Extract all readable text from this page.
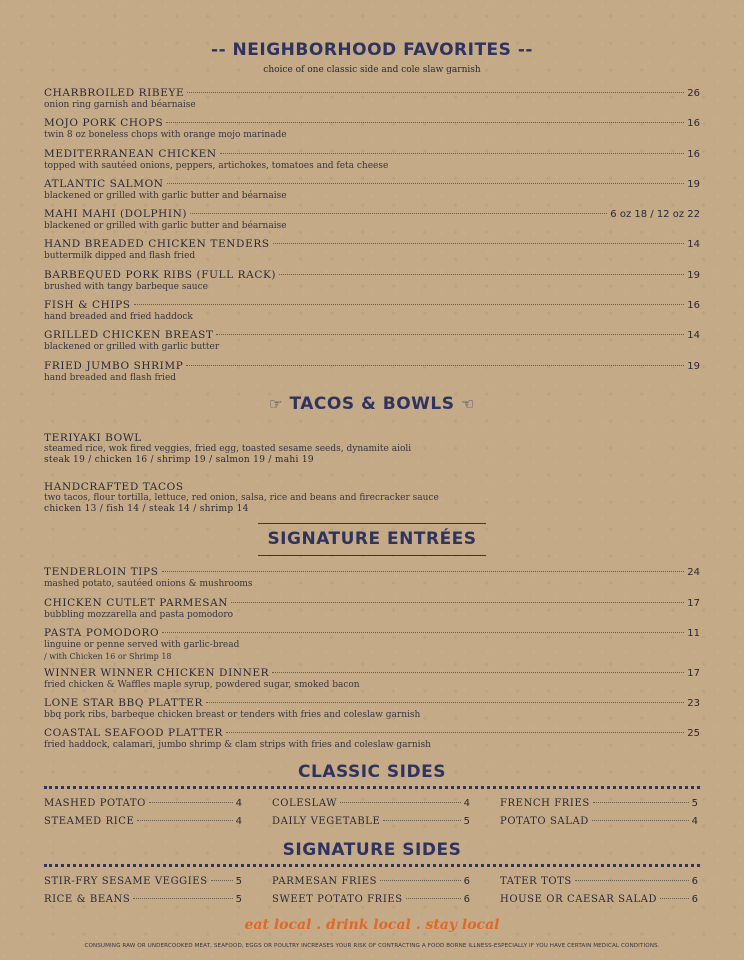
-- NEIGHBORHOOD FAVORITES --
choice of one classic side and cole slaw garnish
CHARBROILED RIBEYE	26
onion ring garnish and béarnaise
MOJO PORK CHOPS	16
twin 8 oz boneless chops with orange mojo marinade
MEDITERRANEAN CHICKEN	16
topped with sautéed onions, peppers, artichokes, tomatoes and feta cheese
ATLANTIC SALMON	19
blackened or grilled with garlic butter and béarnaise
MAHI MAHI (DOLPHIN)	6 oz 18 / 12 oz 22
blackened or grilled with garlic butter and béarnaise
HAND BREADED CHICKEN TENDERS	14
buttermilk dipped and flash fried
BARBEQUED PORK RIBS (FULL RACK)	19
brushed with tangy barbeque sauce
FISH & CHIPS	16
hand breaded and fried haddock
GRILLED CHICKEN BREAST	14
blackened or grilled with garlic butter
FRIED JUMBO SHRIMP	19
hand breaded and flash fried
☞ TACOS & BOWLS ☜
TERIYAKI BOWL
steamed rice, wok fired veggies, fried egg, toasted sesame seeds, dynamite aioli
steak 19 / chicken 16 / shrimp 19 / salmon 19 / mahi 19
HANDCRAFTED TACOS
two tacos, flour tortilla, lettuce, red onion, salsa, rice and beans and firecracker sauce
chicken 13 / fish 14 / steak 14 / shrimp 14
SIGNATURE ENTRÉES
TENDERLOIN TIPS	24
mashed potato, sautéed onions & mushrooms
CHICKEN CUTLET PARMESAN	17
bubbling mozzarella and pasta pomodoro
PASTA POMODORO	11
linguine or penne served with garlic-bread
/ with Chicken 16 or Shrimp 18
WINNER WINNER CHICKEN DINNER	17
fried chicken & Waffles maple syrup, powdered sugar, smoked bacon
LONE STAR BBQ PLATTER	23
bbq pork ribs, barbeque chicken breast or tenders with fries and coleslaw garnish
COASTAL SEAFOOD PLATTER	25
fried haddock, calamari, jumbo shrimp & clam strips with fries and coleslaw garnish
CLASSIC SIDES
MASHED POTATO	4	COLESLAW	4	FRENCH FRIES	5
STEAMED RICE	4	DAILY VEGETABLE	5	POTATO SALAD	4
SIGNATURE SIDES
STIR-FRY SESAME VEGGIES	5	PARMESAN FRIES	6	TATER TOTS	6
RICE & BEANS	5	SWEET POTATO FRIES	6	HOUSE OR CAESAR SALAD	6
eat local . drink local . stay local
CONSUMING RAW OR UNDERCOOKED MEAT, SEAFOOD, EGGS OR POULTRY INCREASES YOUR RISK OF CONTRACTING A FOOD BORNE ILLNESS-ESPECIALLY IF YOU HAVE CERTAIN MEDICAL CONDITIONS.
